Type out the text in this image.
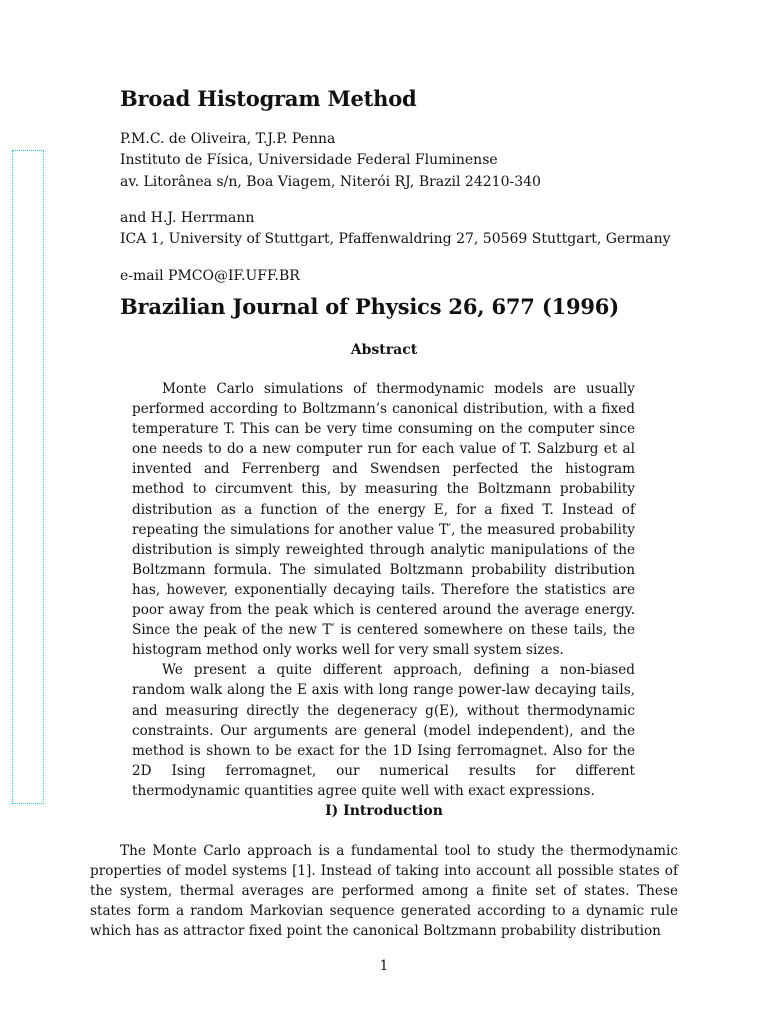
Broad Histogram Method

P.M.C. de Oliveira, T.J.P. Penna

Instituto de Física, Universidade Federal Fluminense

av. Litorânea s/n, Boa Viagem, Niterói RJ, Brazil 24210-340

and H.J. Herrmann

ICA 1, University of Stuttgart, Pfaffenwaldring 27, 50569 Stuttgart, Germany

e-mail PMCO@IF.UFF.BR

Brazilian Journal of Physics 26, 677 (1996)
Abstract

Monte Carlo simulations of thermodynamic models are usually performed according to Boltzmann’s canonical distribution, with a fixed temperature T. This can be very time consuming on the computer since one needs to do a new computer run for each value of T. Salzburg et al invented and Ferrenberg and Swendsen perfected the histogram method to circumvent this, by measuring the Boltzmann probability distribution as a function of the energy E, for a fixed T. Instead of repeating the simulations for another value T′, the measured probability distribution is simply reweighted through analytic manipulations of the Boltzmann formula. The simulated Boltzmann probability distribution has, however, exponentially decaying tails. Therefore the statistics are poor away from the peak which is centered around the average energy. Since the peak of the new T′ is centered somewhere on these tails, the histogram method only works well for very small system sizes.

We present a quite different approach, defining a non-biased random walk along the E axis with long range power-law decaying tails, and measuring directly the degeneracy g(E), without thermodynamic constraints. Our arguments are general (model independent), and the method is shown to be exact for the 1D Ising ferromagnet. Also for the 2D Ising ferromagnet, our numerical results for different thermodynamic quantities agree quite well with exact expressions.

I) Introduction

The Monte Carlo approach is a fundamental tool to study the thermodynamic properties of model systems [1]. Instead of taking into account all possible states of the system, thermal averages are performed among a finite set of states. These states form a random Markovian sequence generated according to a dynamic rule which has as attractor fixed point the canonical Boltzmann probability distribution

1
